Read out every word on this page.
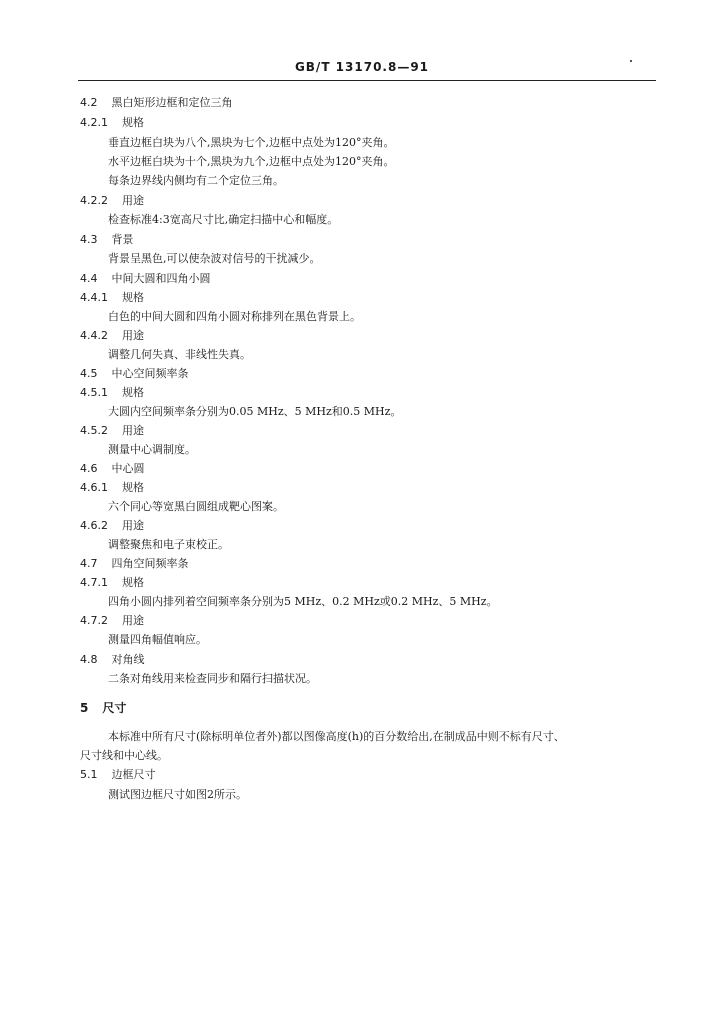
GB/T 13170.8—91
4.2 黑白矩形边框和定位三角
4.2.1 规格
垂直边框白块为八个,黑块为七个,边框中点处为120°夹角。
水平边框白块为十个,黑块为九个,边框中点处为120°夹角。
每条边界线内侧均有二个定位三角。
4.2.2 用途
检查标准4:3宽高尺寸比,确定扫描中心和幅度。
4.3 背景
背景呈黑色,可以使杂波对信号的干扰减少。
4.4 中间大圆和四角小圆
4.4.1 规格
白色的中间大圆和四角小圆对称排列在黑色背景上。
4.4.2 用途
调整几何失真、非线性失真。
4.5 中心空间频率条
4.5.1 规格
大圆内空间频率条分别为0.05 MHz、5 MHz和0.5 MHz。
4.5.2 用途
测量中心调制度。
4.6 中心圆
4.6.1 规格
六个同心等宽黑白圆组成靶心图案。
4.6.2 用途
调整聚焦和电子束校正。
4.7 四角空间频率条
4.7.1 规格
四角小圆内排列着空间频率条分别为5 MHz、0.2 MHz或0.2 MHz、5 MHz。
4.7.2 用途
测量四角幅值响应。
4.8 对角线
二条对角线用来检查同步和隔行扫描状况。
5 尺寸
本标准中所有尺寸(除标明单位者外)都以图像高度(h)的百分数给出,在制成品中则不标有尺寸、
尺寸线和中心线。
5.1 边框尺寸
测试图边框尺寸如图2所示。
